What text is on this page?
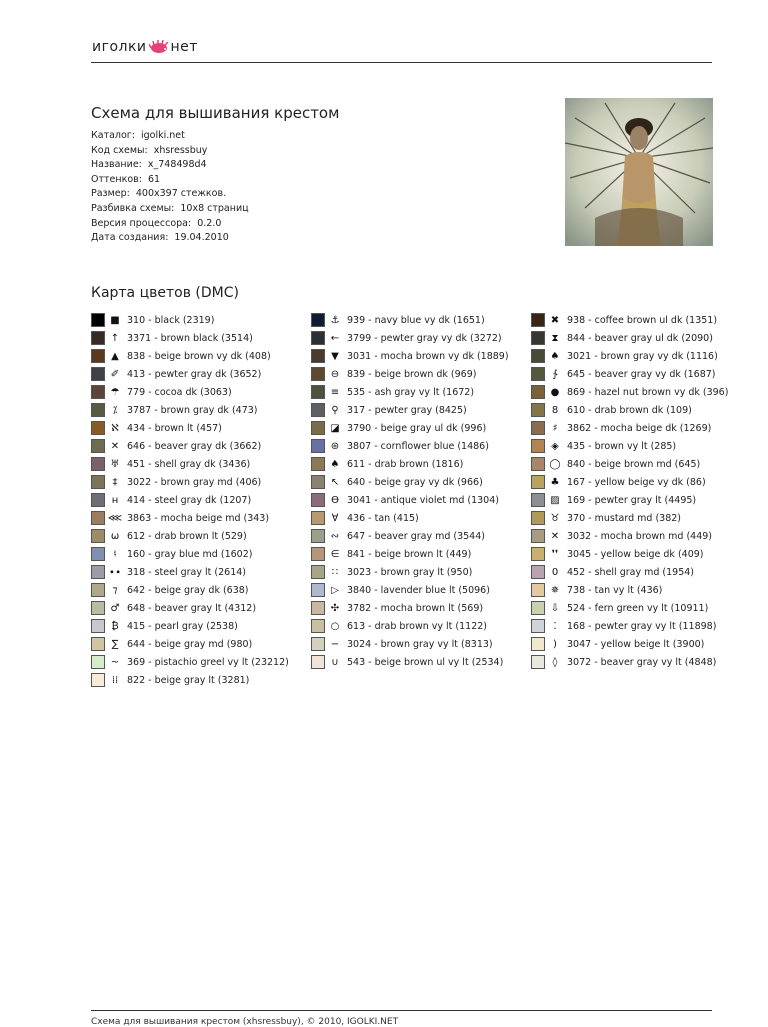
иголки нет
Схема для вышивания крестом
Каталог: igolki.net
Код схемы: xhsressbuy
Название: x_748498d4
Оттенков: 61
Размер: 400x397 стежков.
Разбивка схемы: 10x8 страниц
Версия процессора: 0.2.0
Дата создания: 19.04.2010
Карта цветов (DMC)
■ 310 - black (2319)
↑ 3371 - brown black (3514)
▲ 838 - beige brown vy dk (408)
✐ 413 - pewter gray dk (3652)
☂ 779 - cocoa dk (3063)
⁒	3787 - brown gray dk (473)
ℵ 434 - brown lt (457)
✕ 646 - beaver gray dk (3662)
♅ 451 - shell gray dk (3436)
‡	3022 - brown gray md (406)
н 414 - steel gray dk (1207)
⋘ 3863 - mocha beige md (343)
ω 612 - drab brown lt (529)
♮	160 - gray blue md (1602)
∙∙ 318 - steel gray lt (2614)
⁊	642 - beige gray dk (638)
♂ 648 - beaver gray lt (4312)
₿ 415 - pearl gray (2538)
∑ 644 - beige gray md (980)
~ 369 - pistachio greel vy lt (23212)
⁞⁞ 822 - beige gray lt (3281)
⚓ 939 - navy blue vy dk (1651)
← 3799 - pewter gray vy dk (3272)
▼ 3031 - mocha brown vy dk (1889)
⊖ 839 - beige brown dk (969)
≡ 535 - ash gray vy lt (1672)
⚲ 317 - pewter gray (8425)
◪ 3790 - beige gray ul dk (996)
⊛ 3807 - cornflower blue (1486)
♠ 611 - drab brown (1816)
↖ 640 - beige gray vy dk (966)
ϴ 3041 - antique violet md (1304)
∀ 436 - tan (415)
∾ 647 - beaver gray md (3544)
∈ 841 - beige brown lt (449)
∷ 3023 - brown gray lt (950)
▷ 3840 - lavender blue lt (5096)
✣ 3782 - mocha brown lt (569)
○ 613 - drab brown vy lt (1122)
− 3024 - brown gray vy lt (8313)
∪ 543 - beige brown ul vy lt (2534)
✖ 938 - coffee brown ul dk (1351)
⧗ 844 - beaver gray ul dk (2090)
♠ 3021 - brown gray vy dk (1116)
∱ 645 - beaver gray vy dk (1687)
● 869 - hazel nut brown vy dk (396)
8 610 - drab brown dk (109)
♯	3862 - mocha beige dk (1269)
◈ 435 - brown vy lt (285)
◯ 840 - beige brown md (645)
♣ 167 - yellow beige vy dk (86)
▨ 169 - pewter gray lt (4495)
♉ 370 - mustard md (382)
✕ 3032 - mocha brown md (449)
❜❜ 3045 - yellow beige dk (409)
0 452 - shell gray md (1954)
✵ 738 - tan vy lt (436)
⇩ 524 - fern green vy lt (10911)
⁚	168 - pewter gray vy lt (11898)
)	3047 - yellow beige lt (3900)
◊	3072 - beaver gray vy lt (4848)
Схема для вышивания крестом (xhsressbuy), © 2010, IGOLKI.NET
